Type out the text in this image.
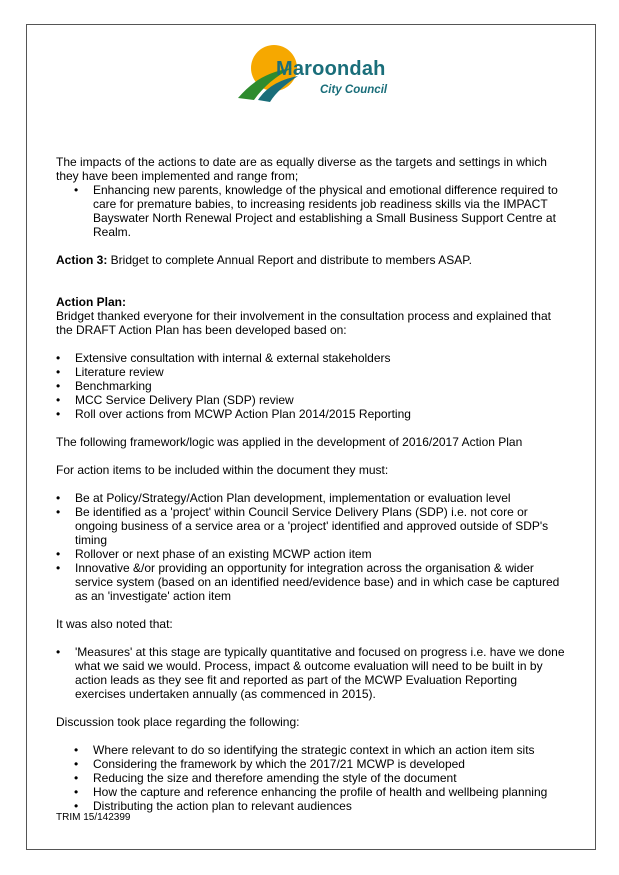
Maroondah
City Council

The impacts of the actions to date are as equally diverse as the targets and settings in which they have been implemented and range from;

• Enhancing new parents, knowledge of the physical and emotional difference required to care for premature babies, to increasing residents job readiness skills via the IMPACT Bayswater North Renewal Project and establishing a Small Business Support Centre at Realm.

Action 3: Bridget to complete Annual Report and distribute to members ASAP.

Action Plan:

Bridget thanked everyone for their involvement in the consultation process and explained that the DRAFT Action Plan has been developed based on:

• Extensive consultation with internal & external stakeholders
• Literature review
• Benchmarking
• MCC Service Delivery Plan (SDP) review
• Roll over actions from MCWP Action Plan 2014/2015 Reporting

The following framework/logic was applied in the development of 2016/2017 Action Plan

For action items to be included within the document they must:

• Be at Policy/Strategy/Action Plan development, implementation or evaluation level
• Be identified as a 'project' within Council Service Delivery Plans (SDP) i.e. not core or ongoing business of a service area or a 'project' identified and approved outside of SDP's timing
• Rollover or next phase of an existing MCWP action item
• Innovative &/or providing an opportunity for integration across the organisation & wider service system (based on an identified need/evidence base) and in which case be captured as an 'investigate' action item

It was also noted that:

• 'Measures' at this stage are typically quantitative and focused on progress i.e. have we done what we said we would. Process, impact & outcome evaluation will need to be built in by action leads as they see fit and reported as part of the MCWP Evaluation Reporting exercises undertaken annually (as commenced in 2015).

Discussion took place regarding the following:

• Where relevant to do so identifying the strategic context in which an action item sits
• Considering the framework by which the 2017/21 MCWP is developed
• Reducing the size and therefore amending the style of the document
• How the capture and reference enhancing the profile of health and wellbeing planning
• Distributing the action plan to relevant audiences
TRIM 15/142399
